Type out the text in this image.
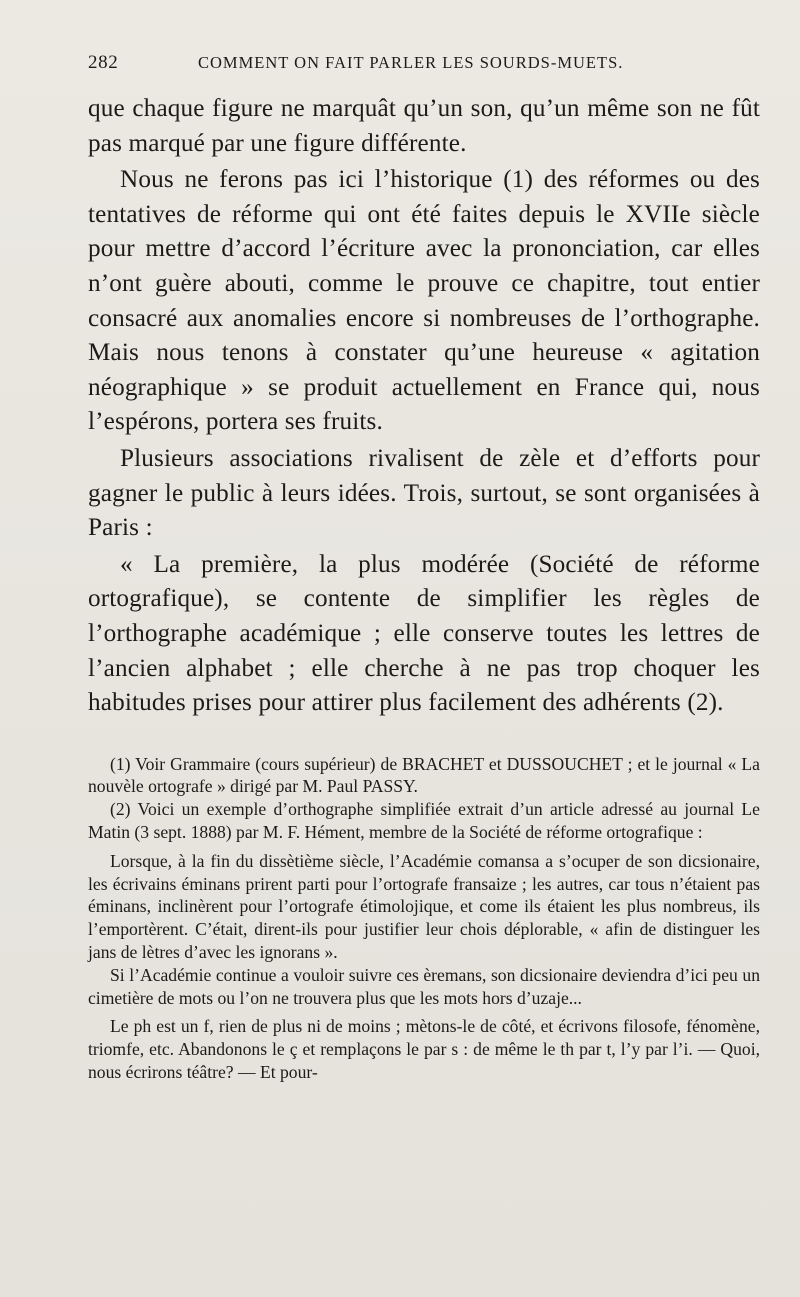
282	COMMENT ON FAIT PARLER LES SOURDS-MUETS.

que chaque figure ne marquât qu’un son, qu’un même son ne fût pas marqué par une figure différente.

Nous ne ferons pas ici l’historique (1) des réformes ou des tentatives de réforme qui ont été faites depuis le XVIIe siècle pour mettre d’accord l’écriture avec la prononciation, car elles n’ont guère abouti, comme le prouve ce chapitre, tout entier consacré aux anomalies encore si nombreuses de l’orthographe. Mais nous tenons à constater qu’une heureuse « agitation néographique » se produit actuellement en France qui, nous l’espérons, portera ses fruits.

Plusieurs associations rivalisent de zèle et d’efforts pour gagner le public à leurs idées. Trois, surtout, se sont organisées à Paris :

« La première, la plus modérée (Société de réforme ortografique), se contente de simplifier les règles de l’orthographe académique ; elle conserve toutes les lettres de l’ancien alphabet ; elle cherche à ne pas trop choquer les habitudes prises pour attirer plus facilement des adhérents (2).

(1) Voir Grammaire (cours supérieur) de BRACHET et DUSSOUCHET ; et le journal « La nouvèle ortografe » dirigé par M. Paul PASSY.

(2) Voici un exemple d’orthographe simplifiée extrait d’un article adressé au journal Le Matin (3 sept. 1888) par M. F. Hément, membre de la Société de réforme ortografique :

Lorsque, à la fin du dissètième siècle, l’Académie comansa a s’ocuper de son dicsionaire, les écrivains éminans prirent parti pour l’ortografe fransaize ; les autres, car tous n’étaient pas éminans, inclinèrent pour l’ortografe étimolojique, et come ils étaient les plus nombreus, ils l’emportèrent. C’était, dirent-ils pour justifier leur chois déplorable, « afin de distinguer les jans de lètres d’avec les ignorans ».

Si l’Académie continue a vouloir suivre ces èremans, son dicsionaire deviendra d’ici peu un cimetière de mots ou l’on ne trouvera plus que les mots hors d’uzaje...

Le ph est un f, rien de plus ni de moins ; mètons-le de côté, et écrivons filosofe, fénomène, triomfe, etc. Abandonons le ç et remplaçons le par s : de même le th par t, l’y par l’i. — Quoi, nous écrirons téâtre? — Et pour-
